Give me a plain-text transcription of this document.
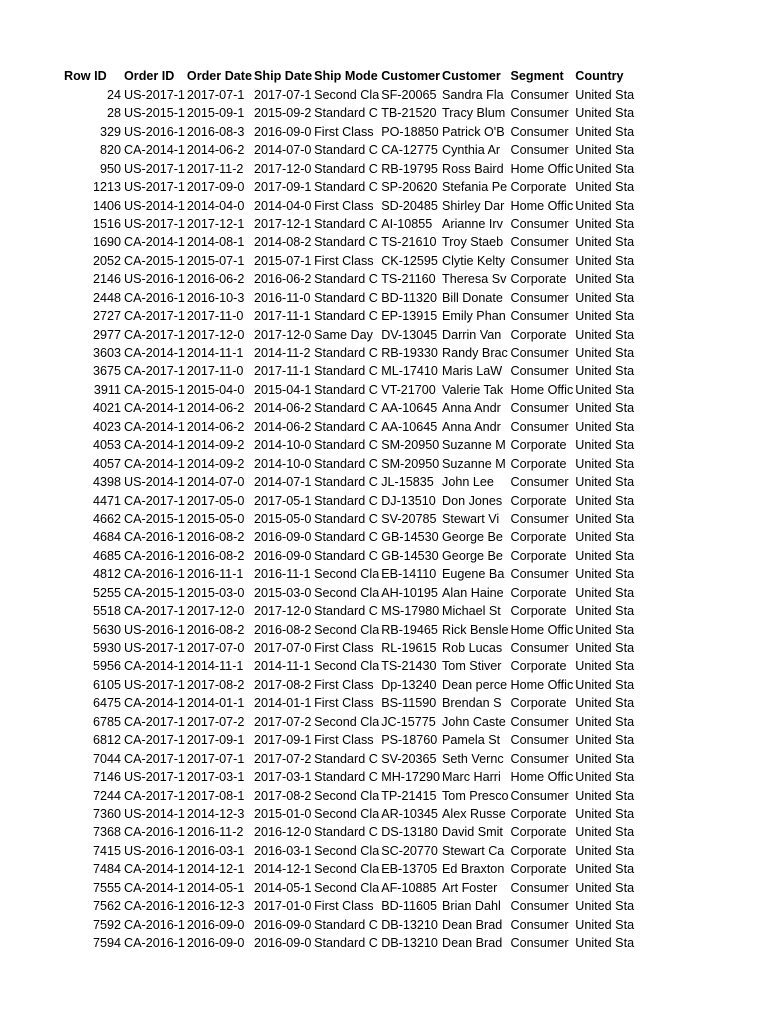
Row ID	Order ID	Order Date	Ship Date	Ship Mode	Customer	Customer	Segment	Country
24	US-2017-1	2017-07-1	2017-07-1	Second Cla	SF-20065	Sandra Fla	Consumer	United Sta
28	US-2015-1	2015-09-1	2015-09-2	Standard C	TB-21520	Tracy Blum	Consumer	United Sta
329	US-2016-1	2016-08-3	2016-09-0	First Class	PO-18850	Patrick O'B	Consumer	United Sta
820	CA-2014-1	2014-06-2	2014-07-0	Standard C	CA-12775	Cynthia Ar	Consumer	United Sta
950	US-2017-1	2017-11-2	2017-12-0	Standard C	RB-19795	Ross Baird	Home Offic	United Sta
1213	US-2017-1	2017-09-0	2017-09-1	Standard C	SP-20620	Stefania Pe	Corporate	United Sta
1406	US-2014-1	2014-04-0	2014-04-0	First Class	SD-20485	Shirley Dar	Home Offic	United Sta
1516	US-2017-1	2017-12-1	2017-12-1	Standard C	AI-10855	Arianne Irv	Consumer	United Sta
1690	CA-2014-1	2014-08-1	2014-08-2	Standard C	TS-21610	Troy Staeb	Consumer	United Sta
2052	CA-2015-1	2015-07-1	2015-07-1	First Class	CK-12595	Clytie Kelty	Consumer	United Sta
2146	US-2016-1	2016-06-2	2016-06-2	Standard C	TS-21160	Theresa Sv	Corporate	United Sta
2448	CA-2016-1	2016-10-3	2016-11-0	Standard C	BD-11320	Bill Donate	Consumer	United Sta
2727	CA-2017-1	2017-11-0	2017-11-1	Standard C	EP-13915	Emily Phan	Consumer	United Sta
2977	CA-2017-1	2017-12-0	2017-12-0	Same Day	DV-13045	Darrin Van	Corporate	United Sta
3603	CA-2014-1	2014-11-1	2014-11-2	Standard C	RB-19330	Randy Brac	Consumer	United Sta
3675	CA-2017-1	2017-11-0	2017-11-1	Standard C	ML-17410	Maris LaW	Consumer	United Sta
3911	CA-2015-1	2015-04-0	2015-04-1	Standard C	VT-21700	Valerie Tak	Home Offic	United Sta
4021	CA-2014-1	2014-06-2	2014-06-2	Standard C	AA-10645	Anna Andr	Consumer	United Sta
4023	CA-2014-1	2014-06-2	2014-06-2	Standard C	AA-10645	Anna Andr	Consumer	United Sta
4053	CA-2014-1	2014-09-2	2014-10-0	Standard C	SM-20950	Suzanne M	Corporate	United Sta
4057	CA-2014-1	2014-09-2	2014-10-0	Standard C	SM-20950	Suzanne M	Corporate	United Sta
4398	US-2014-1	2014-07-0	2014-07-1	Standard C	JL-15835	John Lee	Consumer	United Sta
4471	CA-2017-1	2017-05-0	2017-05-1	Standard C	DJ-13510	Don Jones	Corporate	United Sta
4662	CA-2015-1	2015-05-0	2015-05-0	Standard C	SV-20785	Stewart Vi	Consumer	United Sta
4684	CA-2016-1	2016-08-2	2016-09-0	Standard C	GB-14530	George Be	Corporate	United Sta
4685	CA-2016-1	2016-08-2	2016-09-0	Standard C	GB-14530	George Be	Corporate	United Sta
4812	CA-2016-1	2016-11-1	2016-11-1	Second Cla	EB-14110	Eugene Ba	Consumer	United Sta
5255	CA-2015-1	2015-03-0	2015-03-0	Second Cla	AH-10195	Alan Haine	Corporate	United Sta
5518	CA-2017-1	2017-12-0	2017-12-0	Standard C	MS-17980	Michael St	Corporate	United Sta
5630	US-2016-1	2016-08-2	2016-08-2	Second Cla	RB-19465	Rick Bensle	Home Offic	United Sta
5930	US-2017-1	2017-07-0	2017-07-0	First Class	RL-19615	Rob Lucas	Consumer	United Sta
5956	CA-2014-1	2014-11-1	2014-11-1	Second Cla	TS-21430	Tom Stiver	Corporate	United Sta
6105	US-2017-1	2017-08-2	2017-08-2	First Class	Dp-13240	Dean perce	Home Offic	United Sta
6475	CA-2014-1	2014-01-1	2014-01-1	First Class	BS-11590	Brendan S	Corporate	United Sta
6785	CA-2017-1	2017-07-2	2017-07-2	Second Cla	JC-15775	John Caste	Consumer	United Sta
6812	CA-2017-1	2017-09-1	2017-09-1	First Class	PS-18760	Pamela St	Consumer	United Sta
7044	CA-2017-1	2017-07-1	2017-07-2	Standard C	SV-20365	Seth Vernc	Consumer	United Sta
7146	US-2017-1	2017-03-1	2017-03-1	Standard C	MH-17290	Marc Harri	Home Offic	United Sta
7244	CA-2017-1	2017-08-1	2017-08-2	Second Cla	TP-21415	Tom Presco	Consumer	United Sta
7360	US-2014-1	2014-12-3	2015-01-0	Second Cla	AR-10345	Alex Russe	Corporate	United Sta
7368	CA-2016-1	2016-11-2	2016-12-0	Standard C	DS-13180	David Smit	Corporate	United Sta
7415	US-2016-1	2016-03-1	2016-03-1	Second Cla	SC-20770	Stewart Ca	Corporate	United Sta
7484	CA-2014-1	2014-12-1	2014-12-1	Second Cla	EB-13705	Ed Braxton	Corporate	United Sta
7555	CA-2014-1	2014-05-1	2014-05-1	Second Cla	AF-10885	Art Foster	Consumer	United Sta
7562	CA-2016-1	2016-12-3	2017-01-0	First Class	BD-11605	Brian Dahl	Consumer	United Sta
7592	CA-2016-1	2016-09-0	2016-09-0	Standard C	DB-13210	Dean Brad	Consumer	United Sta
7594	CA-2016-1	2016-09-0	2016-09-0	Standard C	DB-13210	Dean Brad	Consumer	United Sta
